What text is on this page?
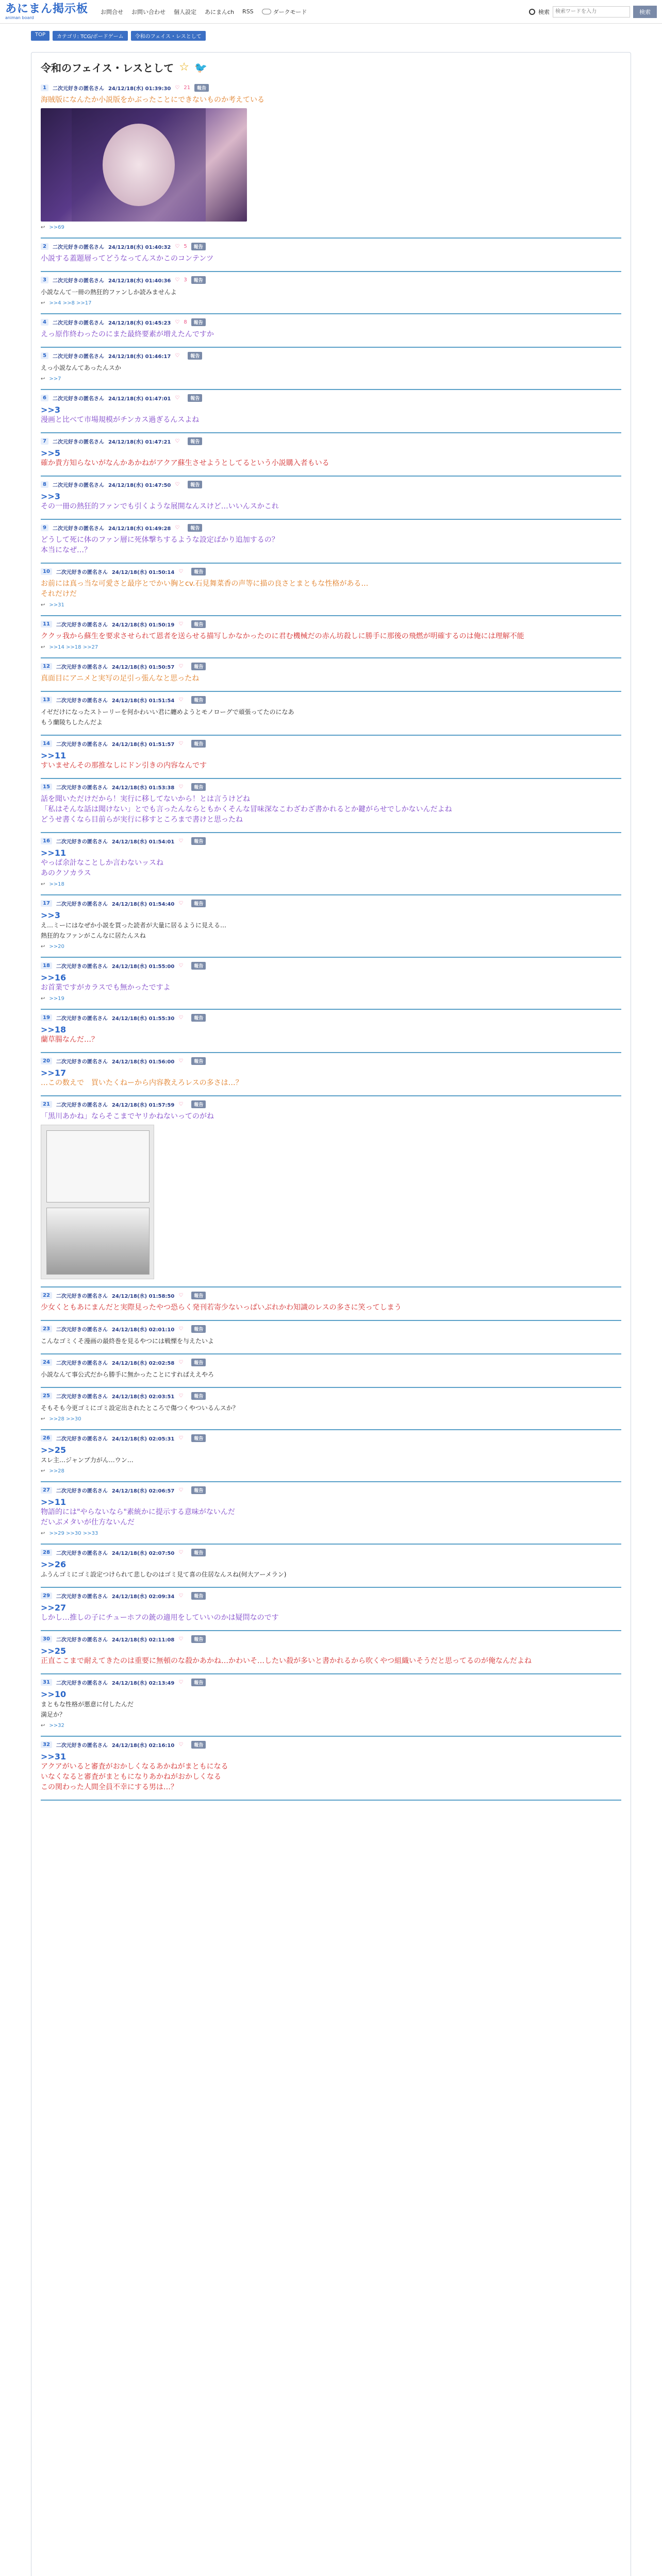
あにまん掲示板
animan board
お問合せ お問い合わせ 個人設定 あにまんch RSS	ダークモード	検索
検索ワードを入力	検索
TOP	カテゴリ: TCG/ボードゲーム	令和のフェイス・レスとして
令和のフェイス・レスとして ☆ 🐦
1	二次元好きの匿名さん 24/12/18(水) 01:39:30 ♡ 21	報告
海賊版になんたか小説版をかぶったことにできないものか考えている
↩ >>69
2	二次元好きの匿名さん 24/12/18(水) 01:40:32 ♡ 5	報告
小説する蓋題層ってどうなってんスかこのコンテンツ
3	二次元好きの匿名さん 24/12/18(水) 01:40:36 ♡ 3	報告
小説なんて一冊の熱狂的ファンしか読みませんよ
↩ >>4 >>8 >>17
4	二次元好きの匿名さん 24/12/18(水) 01:45:23 ♡ 8	報告
えっ原作終わったのにまた最終要素が増えたんですか
5	二次元好きの匿名さん 24/12/18(水) 01:46:17 ♡	報告
えっ小説なんてあったんスか
↩ >>7
6	二次元好きの匿名さん 24/12/18(水) 01:47:01 ♡	報告
>>3
漫画と比べて市場規模がチンカス過ぎるんスよね
7	二次元好きの匿名さん 24/12/18(水) 01:47:21 ♡	報告
>>5
確か貴方知らないがなんかあかねがアクア蘇生させようとしてるという小説購入者もいる
8	二次元好きの匿名さん 24/12/18(水) 01:47:50 ♡	報告
>>3
その一冊の熱狂的ファンでも引くような展開なんスけど…いいんスかこれ
9	二次元好きの匿名さん 24/12/18(水) 01:49:28 ♡	報告
どうして死に体のファン層に死体撃ちするような設定ばかり追加するの？
本当になぜ…？
10	二次元好きの匿名さん 24/12/18(水) 01:50:14 ♡	報告
お前には真っ当な可愛さと最序とでかい胸とcv.石見舞菜香の声等に描の良さとまともな性格がある…
それだけだ
↩ >>31
11	二次元好きの匿名さん 24/12/18(水) 01:50:19 ♡	報告
ククッ我から蘇生を要求させられて恩者を送らせる描写しかなかったのに君む機械だの赤ん坊殺しに勝手に那後の飛燃が明確するのは俺には理解不能
↩ >>14 >>18 >>27
12	二次元好きの匿名さん 24/12/18(水) 01:50:57 ♡	報告
真面目にアニメと実写の足引っ張んなと思ったね
13	二次元好きの匿名さん 24/12/18(水) 01:51:54 ♡	報告
イゼだけになったストーリーを何かわいい君に纏めようとモノローグで頑張ってたのになあ
もう蘭陵ちしたんだよ
14	二次元好きの匿名さん 24/12/18(水) 01:51:57 ♡	報告
>>11
すいませんその那推なしにドン引きの内容なんです
15	二次元好きの匿名さん 24/12/18(水) 01:53:38 ♡	報告
話を聞いただけだから！実行に移してないから！とは言うけどね
「私はそんな話は聞けない」とでも言ったんならともかくそんな冒味深なこわざわざ書かれるとか鍵がらせでしかないんだよね
どうせ書くなら目前らが実行に移すところまで書けと思ったね
16	二次元好きの匿名さん 24/12/18(水) 01:54:01 ♡	報告
>>11
やっぱ余計なことしか言わないッスね
あのクソカラス
↩ >>18
17	二次元好きの匿名さん 24/12/18(水) 01:54:40 ♡	報告
>>3
え…ミーにはなぜか小説を買った読者が大量に居るように見える…
熱狂的なファンがこんなに居たんスね
↩ >>20
18	二次元好きの匿名さん 24/12/18(水) 01:55:00 ♡	報告
>>16
お首業ですがカラスでも無かったですよ
↩ >>19
19	二次元好きの匿名さん 24/12/18(水) 01:55:30 ♡	報告
>>18
蘭草腸なんだ…？
20	二次元好きの匿名さん 24/12/18(水) 01:56:00 ♡	報告
>>17
…この数えで　買いたくねーから内容教えろレスの多さは…？
21	二次元好きの匿名さん 24/12/18(水) 01:57:59 ♡	報告
「黒川あかね」ならそこまでヤリかねないってのがね
22	二次元好きの匿名さん 24/12/18(水) 01:58:50 ♡	報告
少女くともあにまんだと実際見ったやつ恐らく発刊若寄少ないっぱいぶれかわ知識のレスの多さに笑ってしまう
23	二次元好きの匿名さん 24/12/18(水) 02:01:10 ♡	報告
こんなゴミくそ漫画の最終巻を見るやつには戦慄を与えたいよ
24	二次元好きの匿名さん 24/12/18(水) 02:02:58 ♡	報告
小説なんて事公式だから勝手に無かったことにすればええやろ
25	二次元好きの匿名さん 24/12/18(水) 02:03:51 ♡	報告
そもそも今更ゴミにゴミ設定出されたところで傷つくやついるんスか？
↩ >>28 >>30
26	二次元好きの匿名さん 24/12/18(水) 02:05:31 ♡	報告
>>25
スレ主…ジャンプ力がん…ウン…
↩ >>28
27	二次元好きの匿名さん 24/12/18(水) 02:06:57 ♡	報告
>>11
物語的には"やらないなら"素統かに提示する意味がないんだ
だいぶメタいが仕方ないんだ
↩ >>29 >>30 >>33
28	二次元好きの匿名さん 24/12/18(水) 02:07:50 ♡	報告
>>26
ふうんゴミにゴミ設定つけられて悲しむのはゴミ見て喜の住居なんスね(何大アーメラン)
29	二次元好きの匿名さん 24/12/18(水) 02:09:34 ♡	報告
>>27
しかし…推しの子にチューホフの銃の適用をしていいのかは疑問なのです
30	二次元好きの匿名さん 24/12/18(水) 02:11:08 ♡	報告
>>25
正直ここまで耐えてきたのは重要に無頓のな殺かあかね…かわいそ…したい殺が多いと書かれるから吹くやつ組織いそうだと思ってるのが俺なんだよね
31	二次元好きの匿名さん 24/12/18(水) 02:13:49 ♡	報告
>>10
まともな性格が悪意に付したんだ
満足か？
↩ >>32
32	二次元好きの匿名さん 24/12/18(水) 02:16:10 ♡	報告
>>31
アクアがいると審査がおかしくなるあかねがまともになる
いなくなると審査がまともになりあかねがおかしくなる
この関わった人間全員不幸にする男は…？
